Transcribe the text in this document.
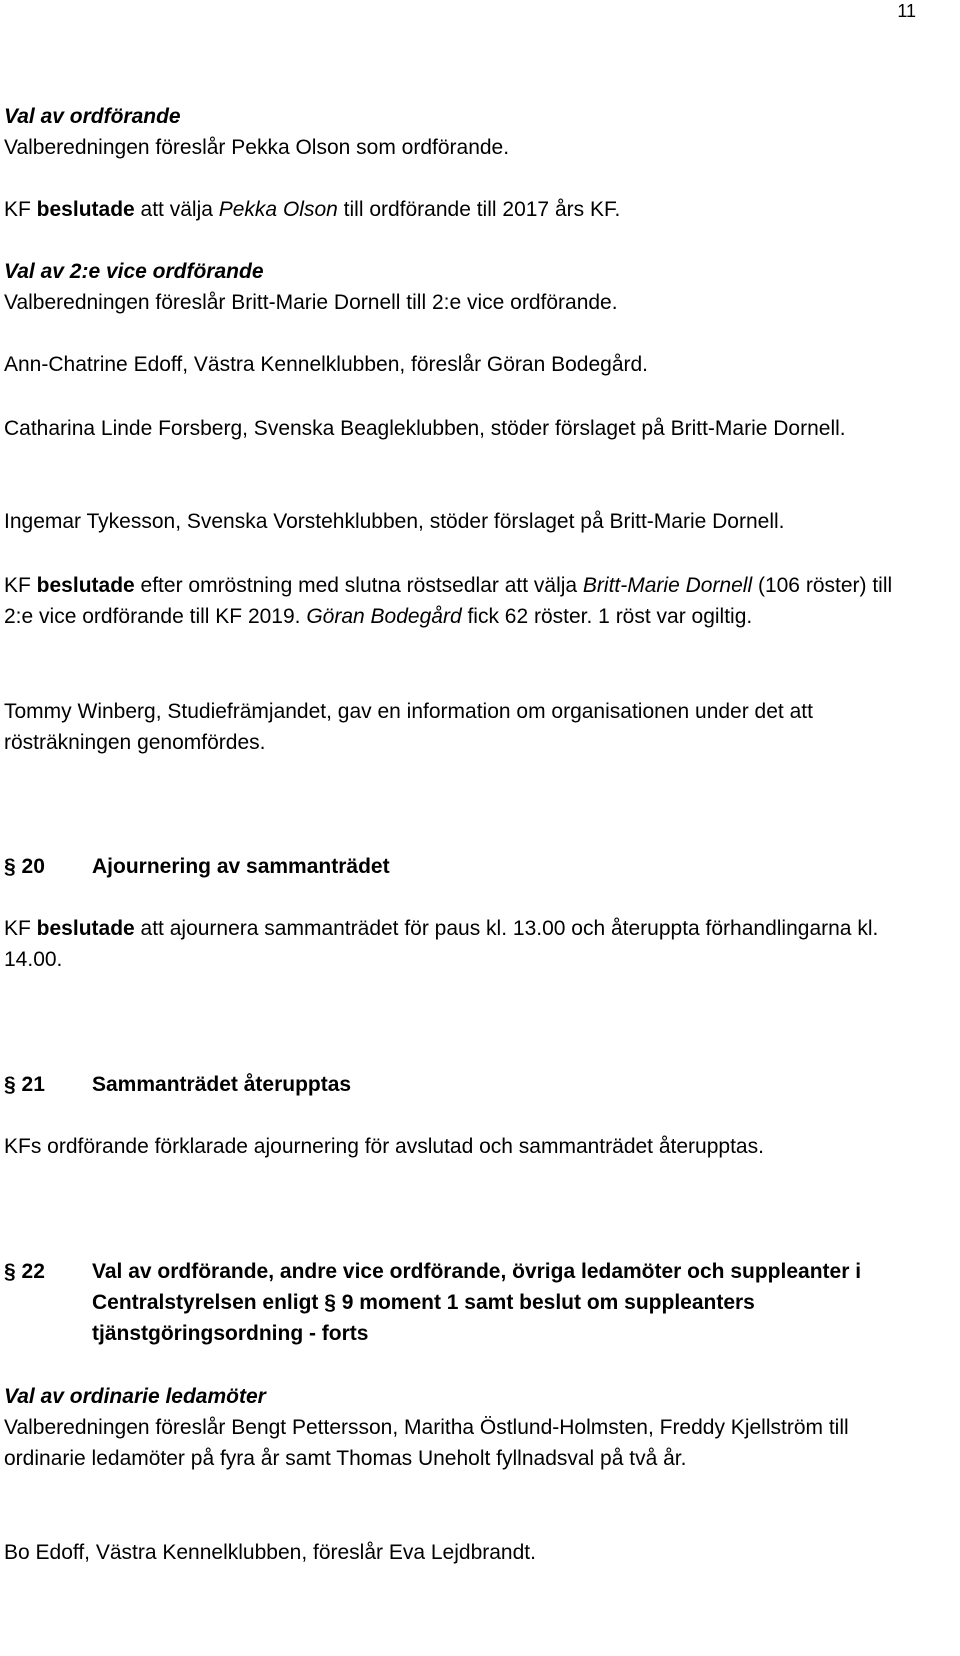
11
Val av ordförande
Valberedningen föreslår Pekka Olson som ordförande.
KF beslutade att välja Pekka Olson till ordförande till 2017 års KF.
Val av 2:e vice ordförande
Valberedningen föreslår Britt-Marie Dornell till 2:e vice ordförande.
Ann-Chatrine Edoff, Västra Kennelklubben, föreslår Göran Bodegård.
Catharina Linde Forsberg, Svenska Beagleklubben, stöder förslaget på Britt-Marie Dornell.
Ingemar Tykesson, Svenska Vorstehklubben, stöder förslaget på Britt-Marie Dornell.
KF beslutade efter omröstning med slutna röstsedlar att välja Britt-Marie Dornell (106 röster) till 2:e vice ordförande till KF 2019. Göran Bodegård fick 62 röster. 1 röst var ogiltig.
Tommy Winberg, Studiefrämjandet, gav en information om organisationen under det att rösträkningen genomfördes.
§ 20 Ajournering av sammanträdet
KF beslutade att ajournera sammanträdet för paus kl. 13.00 och återuppta förhandlingarna kl. 14.00.
§ 21 Sammanträdet återupptas
KFs ordförande förklarade ajournering för avslutad och sammanträdet återupptas.
§ 22 Val av ordförande, andre vice ordförande, övriga ledamöter och suppleanter i Centralstyrelsen enligt § 9 moment 1 samt beslut om suppleanters tjänstgöringsordning - forts
Val av ordinarie ledamöter
Valberedningen föreslår Bengt Pettersson, Maritha Östlund-Holmsten, Freddy Kjellström till ordinarie ledamöter på fyra år samt Thomas Uneholt fyllnadsval på två år.
Bo Edoff, Västra Kennelklubben, föreslår Eva Lejdbrandt.
